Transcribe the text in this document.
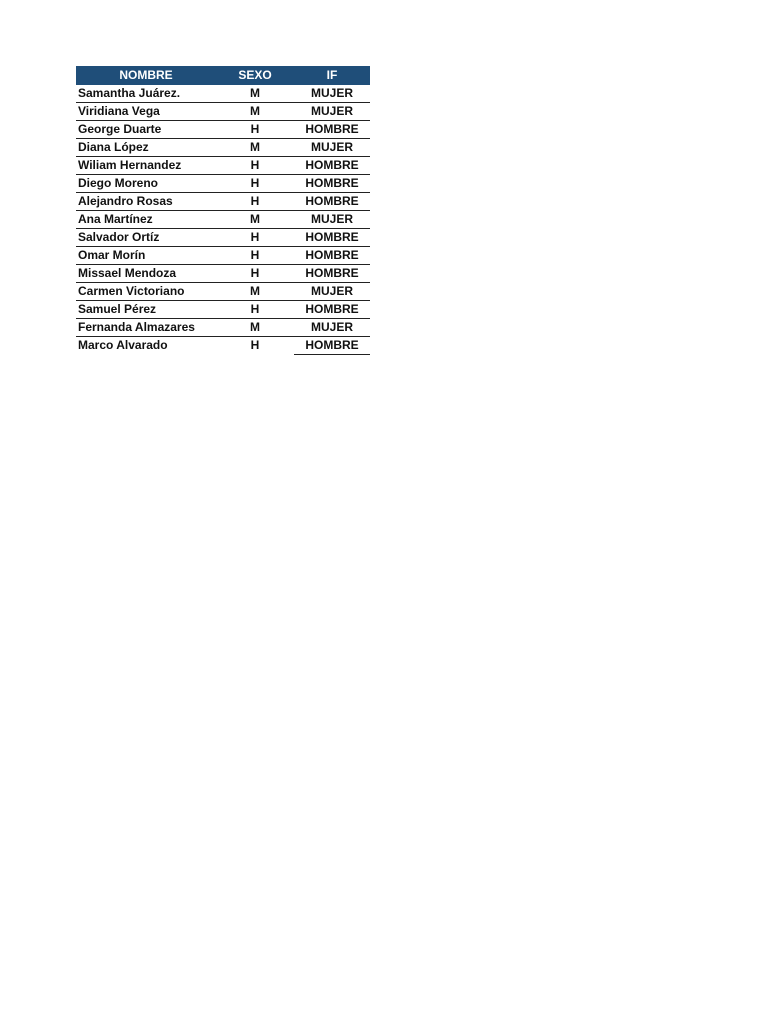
NOMBRE	SEXO	IF
Samantha Juárez.	M	MUJER
Viridiana Vega	M	MUJER
George Duarte	H	HOMBRE
Diana López	M	MUJER
Wiliam Hernandez	H	HOMBRE
Diego Moreno	H	HOMBRE
Alejandro Rosas	H	HOMBRE
Ana Martínez	M	MUJER
Salvador Ortíz	H	HOMBRE
Omar Morín	H	HOMBRE
Missael Mendoza	H	HOMBRE
Carmen Victoriano	M	MUJER
Samuel Pérez	H	HOMBRE
Fernanda Almazares	M	MUJER
Marco Alvarado	H	HOMBRE
